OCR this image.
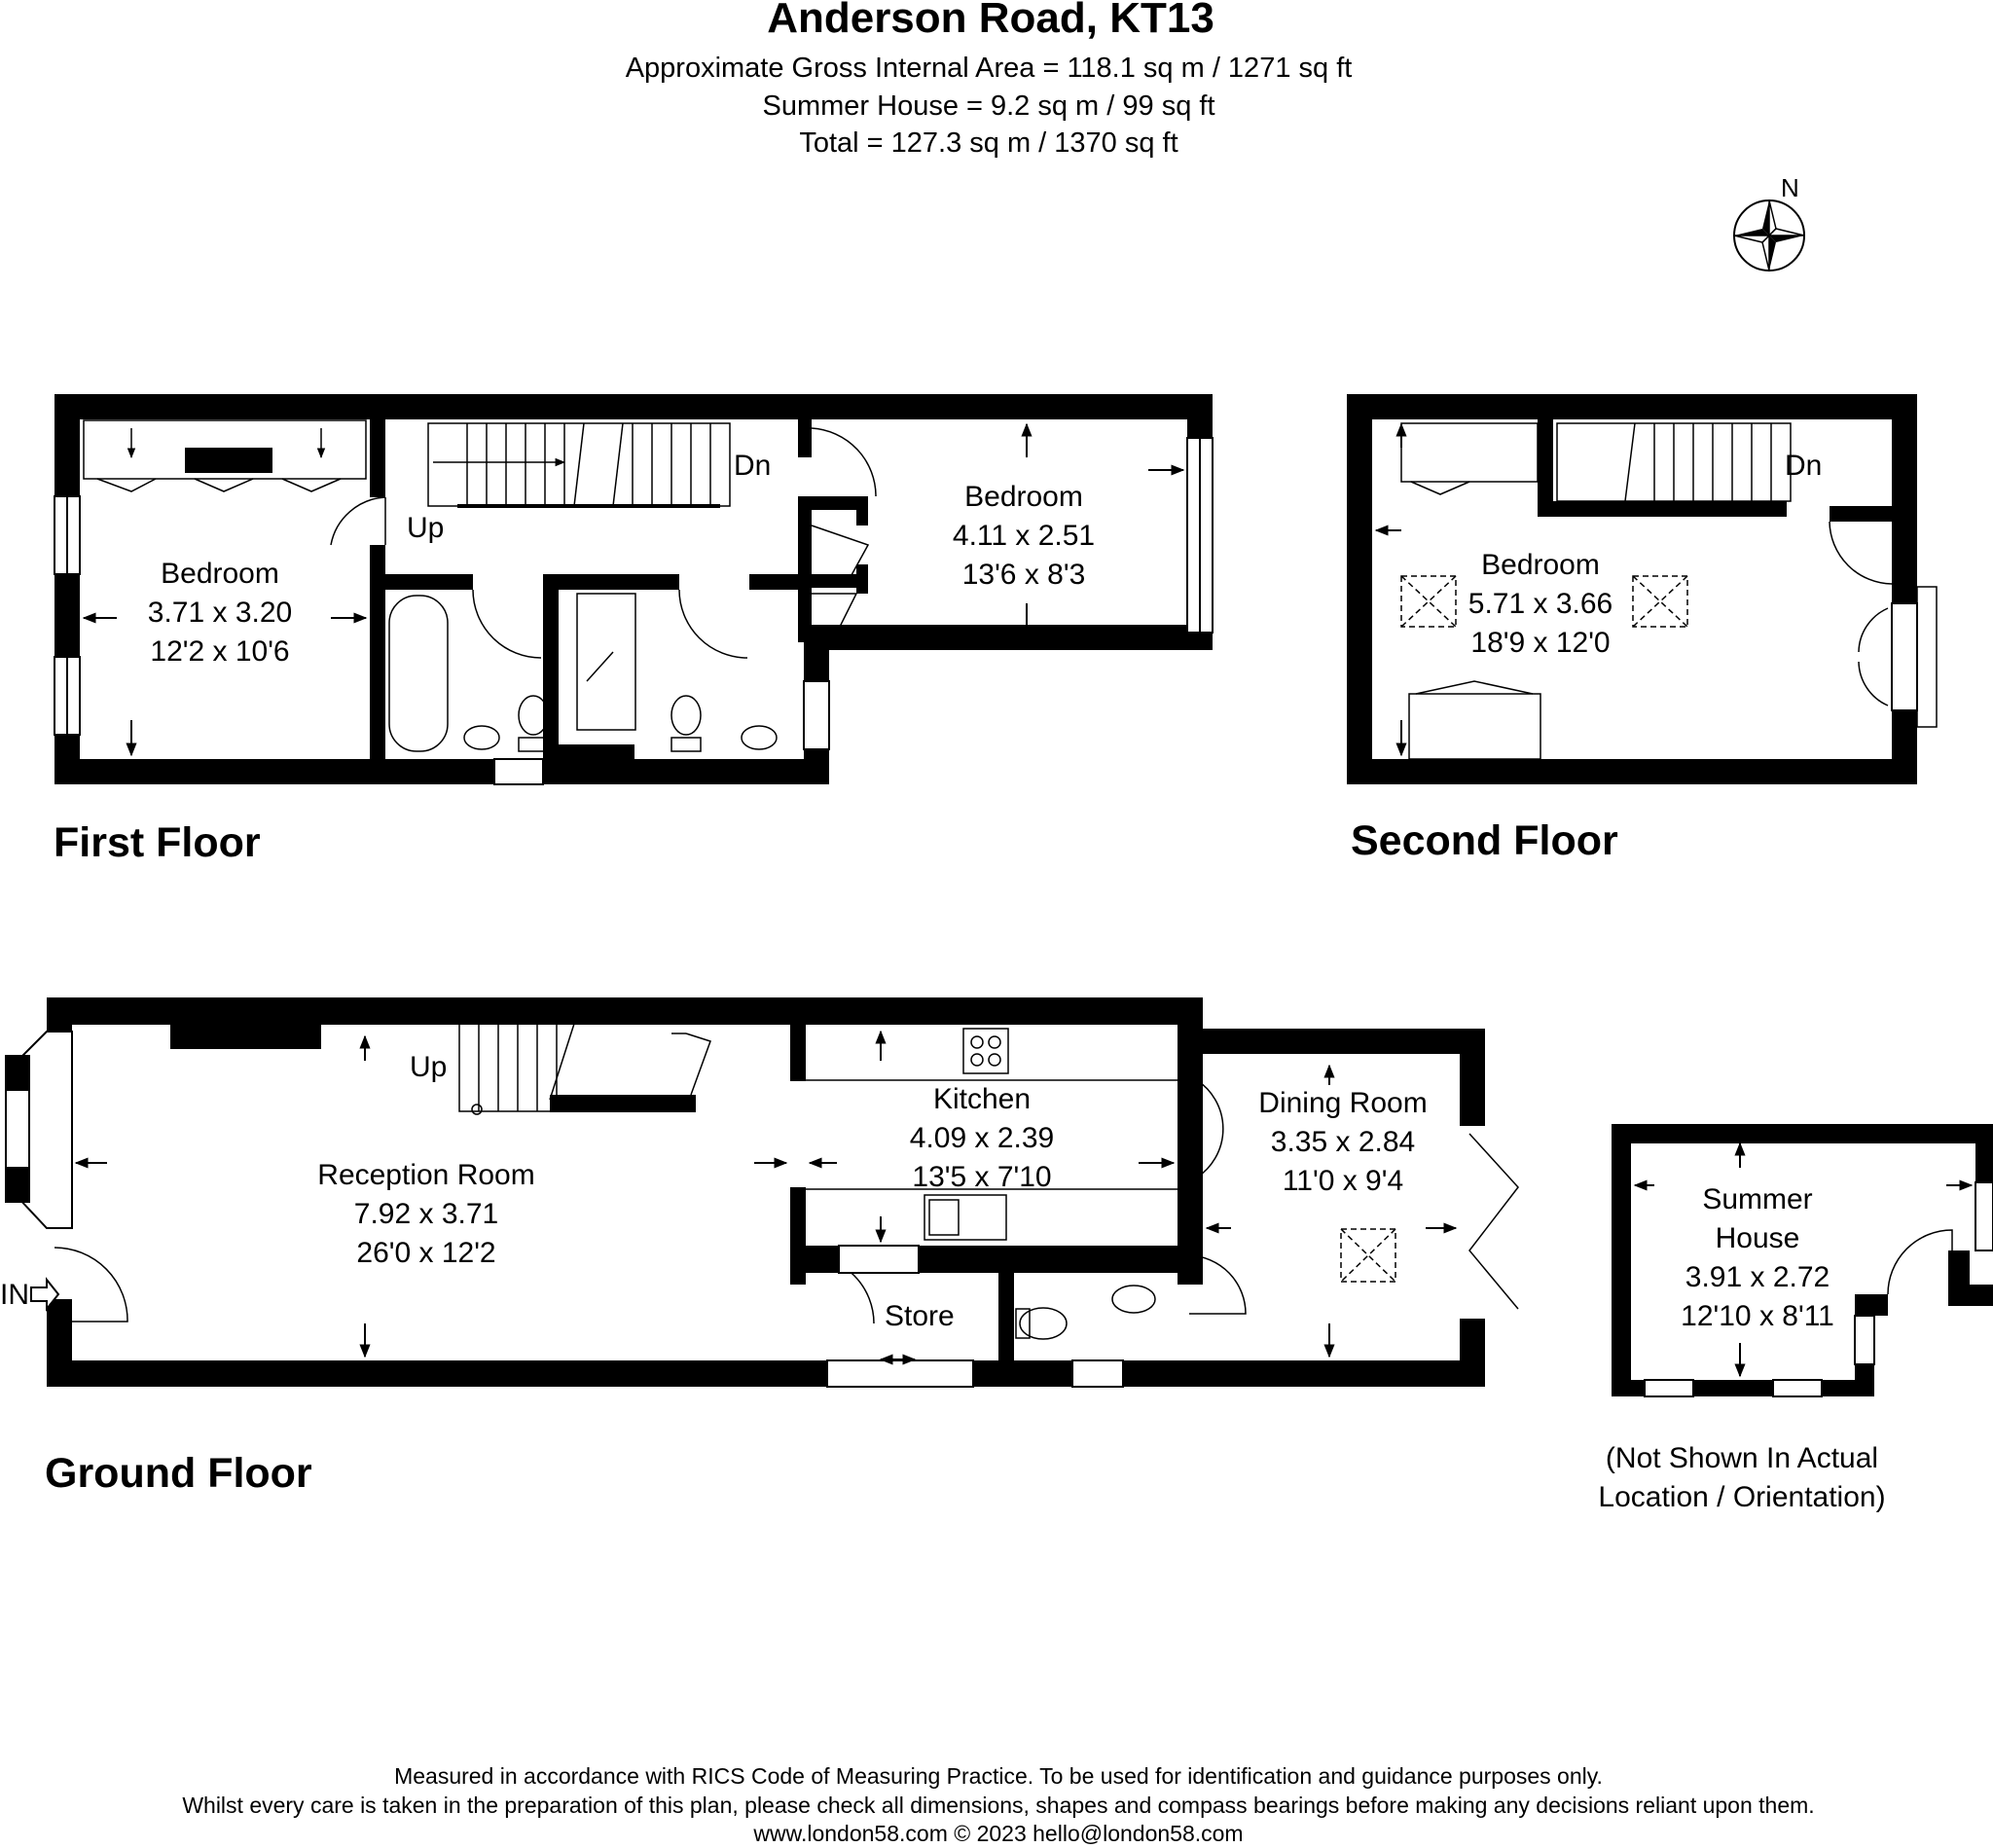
Anderson Road, KT13
Approximate Gross Internal Area = 118.1 sq m / 1271 sq ft
Summer House = 9.2 sq m / 99 sq ft
Total = 127.3 sq m / 1370 sq ft
N
Bedroom
3.71 x 3.20
12'2 x 10'6
Bedroom
4.11 x 2.51
13'6 x 8'3
Up
Dn
First Floor
Bedroom
5.71 x 3.66
18'9 x 12'0
Dn
Second Floor
Reception Room
7.92 x 3.71
26'0 x 12'2
Kitchen
4.09 x 2.39
13'5 x 7'10
Dining Room
3.35 x 2.84
11'0 x 9'4
Store
Up
IN
Ground Floor
Summer
House
3.91 x 2.72
12'10 x 8'11
(Not Shown In Actual
Location / Orientation)
Measured in accordance with RICS Code of Measuring Practice. To be used for identification and guidance purposes only.
Whilst every care is taken in the preparation of this plan, please check all dimensions, shapes and compass bearings before making any decisions reliant upon them.
www.london58.com © 2023 hello@london58.com
